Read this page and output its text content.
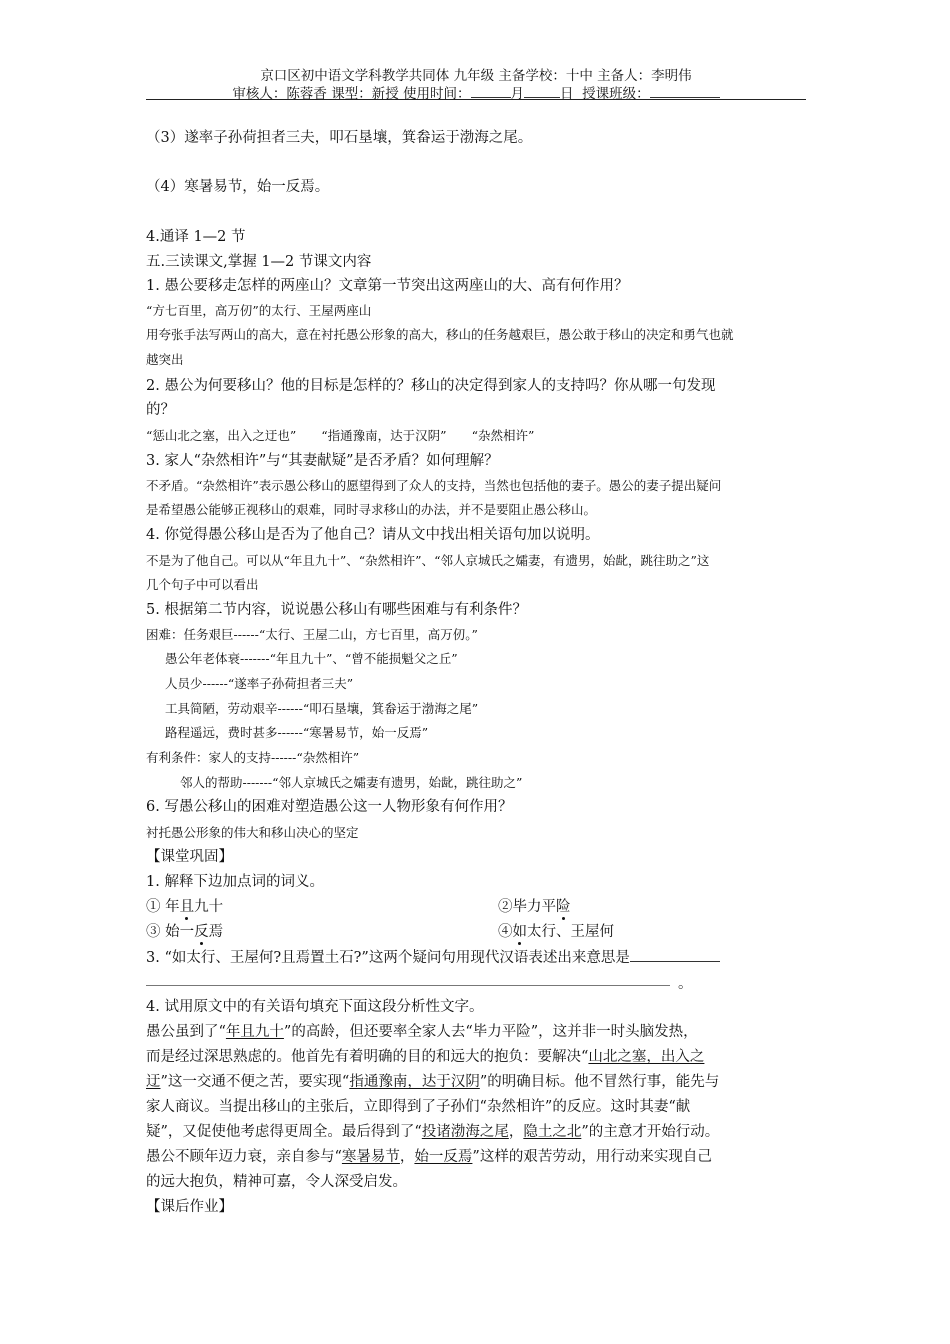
京口区初中语文学科教学共同体 九年级 主备学校：十中 主备人：李明伟
审核人：陈蓉香 课型：新授 使用时间：	月	日 授课班级：
（3）遂率子孙荷担者三夫，叩石垦壤，箕畚运于渤海之尾。
（4）寒暑易节，始一反焉。
4.通译 1—2 节
五.三读课文,掌握 1—2 节课文内容
1. 愚公要移走怎样的两座山？文章第一节突出这两座山的大、高有何作用？
“方七百里，高万仞”的太行、王屋两座山
用夸张手法写两山的高大，意在衬托愚公形象的高大，移山的任务越艰巨，愚公敢于移山的决定和勇气也就
越突出
2. 愚公为何要移山？他的目标是怎样的？移山的决定得到家人的支持吗？你从哪一句发现
的？
“惩山北之塞，出入之迂也”　　“指通豫南，达于汉阴”　　“杂然相许”
3. 家人“杂然相许”与“其妻献疑”是否矛盾？如何理解？
不矛盾。“杂然相许”表示愚公移山的愿望得到了众人的支持，当然也包括他的妻子。愚公的妻子提出疑问
是希望愚公能够正视移山的艰难，同时寻求移山的办法，并不是要阻止愚公移山。
4. 你觉得愚公移山是否为了他自己？请从文中找出相关语句加以说明。
不是为了他自己。可以从“年且九十”、“杂然相许”、“邻人京城氏之孀妻，有遗男，始龀，跳往助之”这
几个句子中可以看出
5. 根据第二节内容，说说愚公移山有哪些困难与有利条件？
困难：任务艰巨------“太行、王屋二山，方七百里，高万仞。”
愚公年老体衰-------“年且九十”、“曾不能损魁父之丘”
人员少------“遂率子孙荷担者三夫”
工具简陋，劳动艰辛------“叩石垦壤，箕畚运于渤海之尾”
路程遥远，费时甚多------“寒暑易节，始一反焉”
有利条件：家人的支持------“杂然相许”
邻人的帮助-------“邻人京城氏之孀妻有遗男，始龀，跳往助之”
6. 写愚公移山的困难对塑造愚公这一人物形象有何作用？
衬托愚公形象的伟大和移山决心的坚定
【课堂巩固】
1. 解释下边加点词的词义。
① 年且九十	②毕力平险
③ 始一反焉	④如太行、王屋何
3. “如太行、王屋何?且焉置土石?”这两个疑问句用现代汉语表述出来意思是
。
4. 试用原文中的有关语句填充下面这段分析性文字。
愚公虽到了“年且九十”的高龄，但还要率全家人去“毕力平险”，这并非一时头脑发热，
而是经过深思熟虑的。他首先有着明确的目的和远大的抱负：要解决“山北之塞，出入之
迂”这一交通不便之苦，要实现“指通豫南，达于汉阴”的明确目标。他不冒然行事，能先与
家人商议。当提出移山的主张后，立即得到了子孙们“杂然相许”的反应。这时其妻“献
疑”，又促使他考虑得更周全。最后得到了“投诸渤海之尾，隐土之北”的主意才开始行动。
愚公不顾年迈力衰，亲自参与“寒暑易节，始一反焉”这样的艰苦劳动，用行动来实现自己
的远大抱负，精神可嘉，令人深受启发。
【课后作业】
